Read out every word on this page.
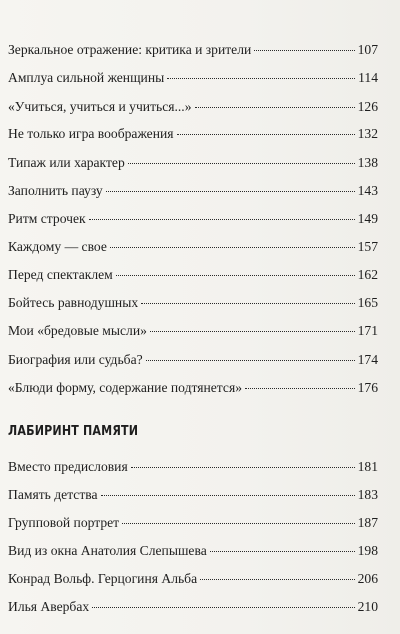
Зеркальное отражение: критика и зрители	107
Амплуа сильной женщины	114
«Учиться, учиться и учиться...»	126
Не только игра воображения	132
Типаж или характер	138
Заполнить паузу	143
Ритм строчек	149
Каждому — свое	157
Перед спектаклем	162
Бойтесь равнодушных	165
Мои «бредовые мысли»	171
Биография или судьба?	174
«Блюди форму, содержание подтянется»	176
ЛАБИРИНТ ПАМЯТИ
Вместо предисловия	181
Память детства	183
Групповой портрет	187
Вид из окна Анатолия Слепышева	198
Конрад Вольф. Герцогиня Альба	206
Илья Авербах	210
